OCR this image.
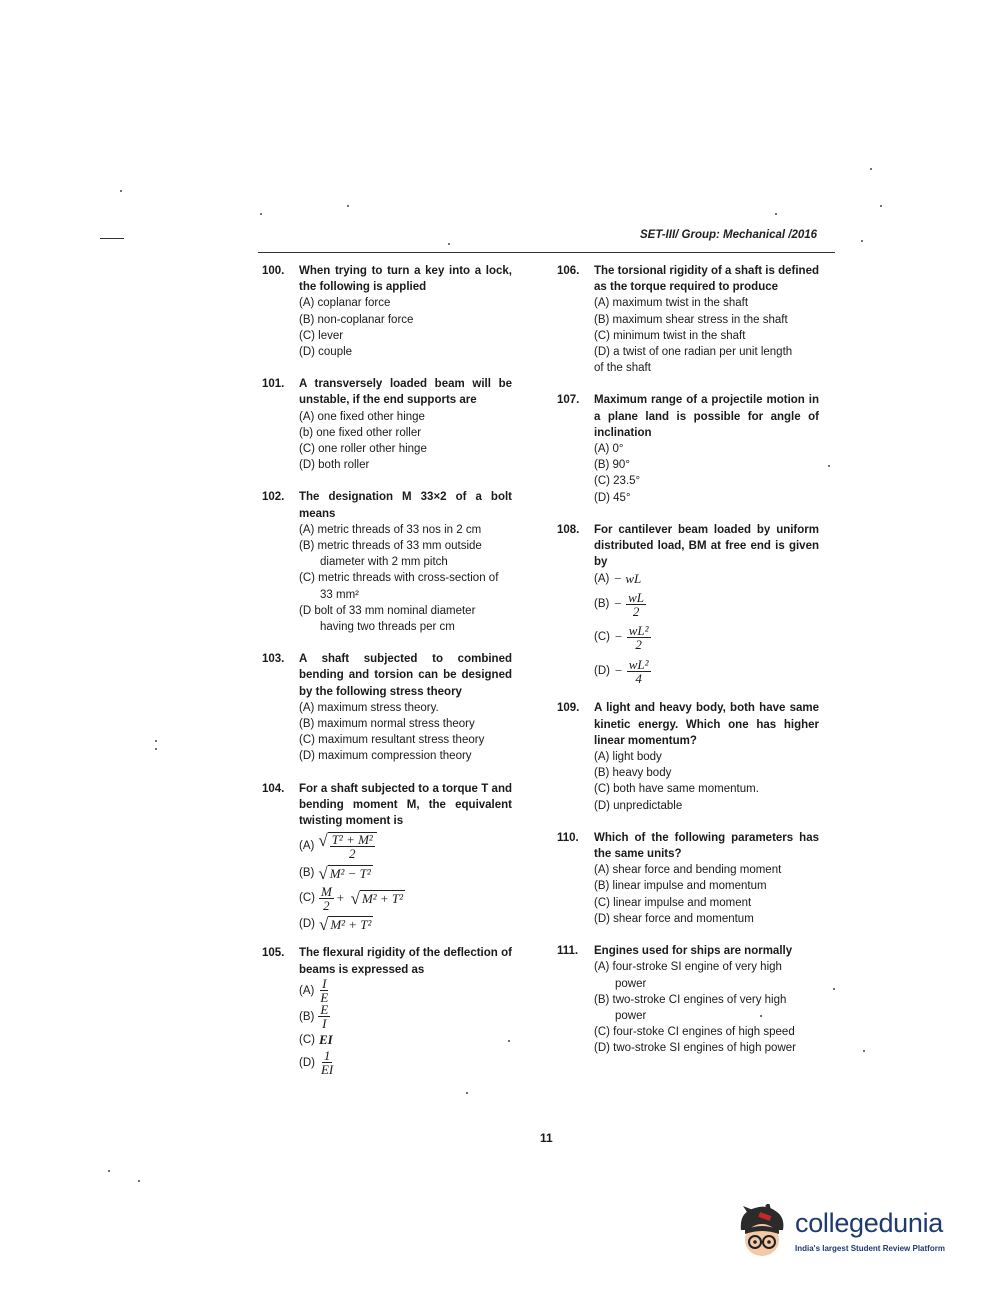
SET-III/ Group: Mechanical /2016
100. When trying to turn a key into a lock, the following is applied
(A) coplanar force
(B) non-coplanar force
(C) lever
(D) couple
101. A transversely loaded beam will be unstable, if the end supports are
(A) one fixed other hinge
(b) one fixed other roller
(C) one roller other hinge
(D) both roller
102. The designation M 33×2 of a bolt means
(A) metric threads of 33 nos in 2 cm
(B) metric threads of 33 mm outside
diameter with 2 mm pitch
(C) metric threads with cross-section of
33 mm²
(D bolt of 33 mm nominal diameter
having two threads per cm
103. A shaft subjected to combined bending and torsion can be designed by the following stress theory
(A) maximum stress theory.
(B) maximum normal stress theory
(C) maximum resultant stress theory
(D) maximum compression theory
104. For a shaft subjected to a torque T and bending moment M, the equivalent twisting moment is
(A) √ $\frac{\text{T² + M²}}{2}$
(B) √ M² − T²
$(C) \frac{M}{2}$ + √ M² + T²
(D) √ M² + T²
105. The flexural rigidity of the deflection of beams is expressed as
$(A) \frac{I}{E}$
$(B) \frac{E}{I}$
(C) EI
$(D) \frac{1}{EI}$
106. The torsional rigidity of a shaft is defined as the torque required to produce
(A) maximum twist in the shaft
(B) maximum shear stress in the shaft
(C) minimum twist in the shaft
(D) a twist of one radian per unit length
of the shaft
107. Maximum range of a projectile motion in a plane land is possible for angle of inclination
(A) 0°
(B) 90°
(C) 23.5°
(D) 45°
108. For cantilever beam loaded by uniform distributed load, BM at free end is given by
(A) − wL
$(B) - \frac{wL}{2}$
$(C) - \frac{\text{wL²}}{2}$
$(D) - \frac{\text{wL²}}{4}$
109. A light and heavy body, both have same kinetic energy. Which one has higher linear momentum?
(A) light body
(B) heavy body
(C) both have same momentum.
(D) unpredictable
110. Which of the following parameters has the same units?
(A) shear force and bending moment
(B) linear impulse and momentum
(C) linear impulse and moment
(D) shear force and momentum
111. Engines used for ships are normally
(A) four-stroke SI engine of very high
power
(B) two-stroke CI engines of very high
power
(C) four-stoke CI engines of high speed
(D) two-stroke SI engines of high power
11
collegedunia
India's largest Student Review Platform
